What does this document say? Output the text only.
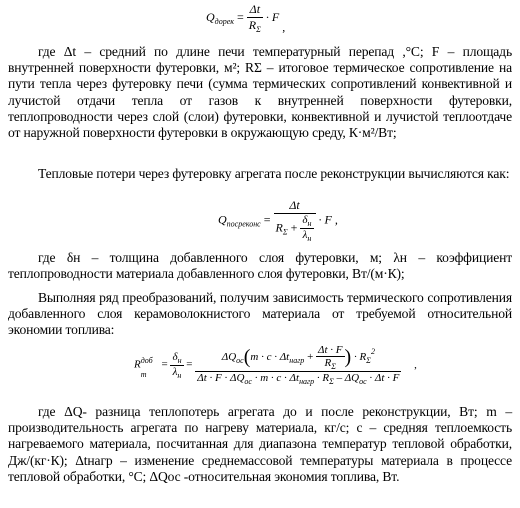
$Q_{дорек} = \frac{\Delta t}{R_\Sigma} \cdot F$ ,

где Δt – средний по длине печи температурный перепад ,°С; F – площадь внутренней поверхности футеровки, м²; RΣ – итоговое термическое сопротивление на пути тепла через футеровку печи (сумма термических сопротивлений конвективной и лучистой отдачи тепла от газов к внутренней поверхности футеровки, теплопроводности через слой (слои) футеровки, конвективной и лучистой теплоотдаче от наружной поверхности футеровки в окружающую среду, К·м²/Вт;

Тепловые потери через футеровку агрегата после реконструкции вычисляются как:

$Q_{посреконс} = \frac{\Delta t}{R_\Sigma + \frac{\delta_н}{\lambda_н}} \cdot F$ ,

где δн – толщина добавленного слоя футеровки, м; λн – коэффициент теплопроводности материала добавленного слоя футеровки, Вт/(м·К);

Выполняя ряд преобразований, получим зависимость термического сопротивления добавленного слоя керамоволокнистого материала от требуемой относительной экономии топлива:

R доб
т
= $\frac{\delta_н}{\lambda_н}$ =
$\Delta Q_{ос}(m \cdot c \cdot \Delta t_{нагр} + \frac{\Delta t \cdot F}{R_\Sigma}$ ) · $R_\Sigma^2$
$\Delta t \cdot F \cdot \Delta Q_{ос} \cdot m \cdot c \cdot \Delta t_{нагр} \cdot R_\Sigma - \Delta Q_{ос} \cdot \Delta t \cdot F$
,

где ΔQ- разница теплопотерь агрегата до и после реконструкции, Вт; m – производительность агрегата по нагреву материала, кг/с; с – средняя теплоемкость нагреваемого материала, посчитанная для диапазона температур тепловой обработки, Дж/(кг·К); Δtнагр – изменение среднемассовой температуры материала в процессе тепловой обработки, °С; ΔQос -относительная экономия топлива, Вт.
